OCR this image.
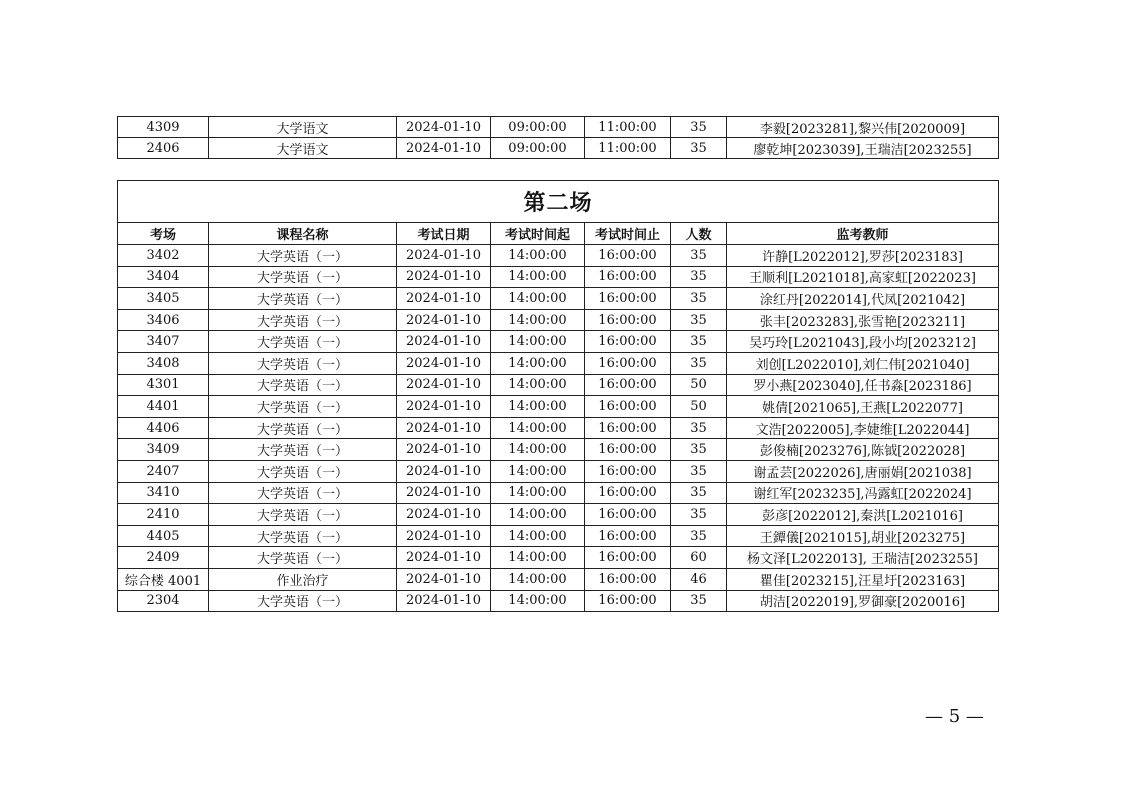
4309	大学语文	2024-01-10	09:00:00	11:00:00	35	李毅[2023281],黎兴伟[2020009]
2406	大学语文	2024-01-10	09:00:00	11:00:00	35	廖乾坤[2023039],王瑞洁[2023255]
第二场						
考场	课程名称	考试日期	考试时间起	考试时间止	人数	监考教师
3402	大学英语（一）	2024-01-10	14:00:00	16:00:00	35	许静[L2022012],罗莎[2023183]
3404	大学英语（一）	2024-01-10	14:00:00	16:00:00	35	王顺利[L2021018],高家虹[2022023]
3405	大学英语（一）	2024-01-10	14:00:00	16:00:00	35	涂红丹[2022014],代凤[2021042]
3406	大学英语（一）	2024-01-10	14:00:00	16:00:00	35	张丰[2023283],张雪艳[2023211]
3407	大学英语（一）	2024-01-10	14:00:00	16:00:00	35	吴巧玲[L2021043],段小均[2023212]
3408	大学英语（一）	2024-01-10	14:00:00	16:00:00	35	刘创[L2022010],刘仁伟[2021040]
4301	大学英语（一）	2024-01-10	14:00:00	16:00:00	50	罗小燕[2023040],任书淼[2023186]
4401	大学英语（一）	2024-01-10	14:00:00	16:00:00	50	姚倩[2021065],王燕[L2022077]
4406	大学英语（一）	2024-01-10	14:00:00	16:00:00	35	文浩[2022005],李婕维[L2022044]
3409	大学英语（一）	2024-01-10	14:00:00	16:00:00	35	彭俊楠[2023276],陈钺[2022028]
2407	大学英语（一）	2024-01-10	14:00:00	16:00:00	35	谢孟芸[2022026],唐丽娟[2021038]
3410	大学英语（一）	2024-01-10	14:00:00	16:00:00	35	谢红军[2023235],冯露虹[2022024]
2410	大学英语（一）	2024-01-10	14:00:00	16:00:00	35	彭彦[2022012],秦洪[L2021016]
4405	大学英语（一）	2024-01-10	14:00:00	16:00:00	35	王鐔儀[2021015],胡业[2023275]
2409	大学英语（一）	2024-01-10	14:00:00	16:00:00	60	杨文泽[L2022013], 王瑞洁[2023255]
综合楼 4001	作业治疗	2024-01-10	14:00:00	16:00:00	46	瞿佳[2023215],汪星圩[2023163]
2304	大学英语（一）	2024-01-10	14:00:00	16:00:00	35	胡洁[2022019],罗御豪[2020016]
— 5 —
